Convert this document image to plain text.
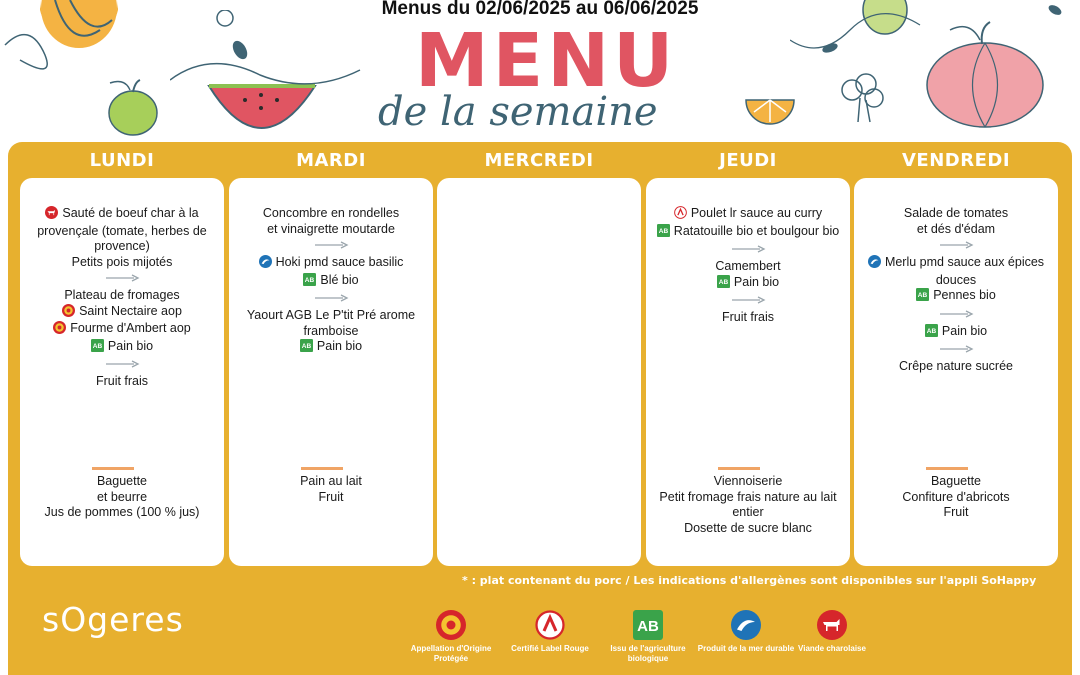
Menus du 02/06/2025 au 06/06/2025
MENU
de la semaine
LUNDI
Sauté de boeuf char à la provençale (tomate, herbes de provence)
Petits pois mijotés
Plateau de fromages
Saint Nectaire aop
Fourme d'Ambert aop
AB Pain bio
Fruit frais
Baguette
et beurre
Jus de pommes (100 % jus)
MARDI
Concombre en rondelles
et vinaigrette moutarde
Hoki pmd sauce basilic
AB Blé bio
Yaourt AGB Le P'tit Pré arome framboise
AB Pain bio
Pain au lait
Fruit
MERCREDI	JEUDI
Poulet lr sauce au curry
AB Ratatouille bio et boulgour bio
Camembert
AB Pain bio
Fruit frais
Viennoiserie
Petit fromage frais nature au lait entier
Dosette de sucre blanc
VENDREDI
Salade de tomates
et dés d'édam
Merlu pmd sauce aux épices douces
AB Pennes bio
AB Pain bio
Crêpe nature sucrée
Baguette
Confiture d'abricots
Fruit
* : plat contenant du porc / Les indications d'allergènes sont disponibles sur l'appli SoHappy
sOgeres
Appellation d'Origine Protégée
Certifié Label Rouge
AB
Issu de l'agriculture biologique
Produit de la mer durable Viande charolaise
